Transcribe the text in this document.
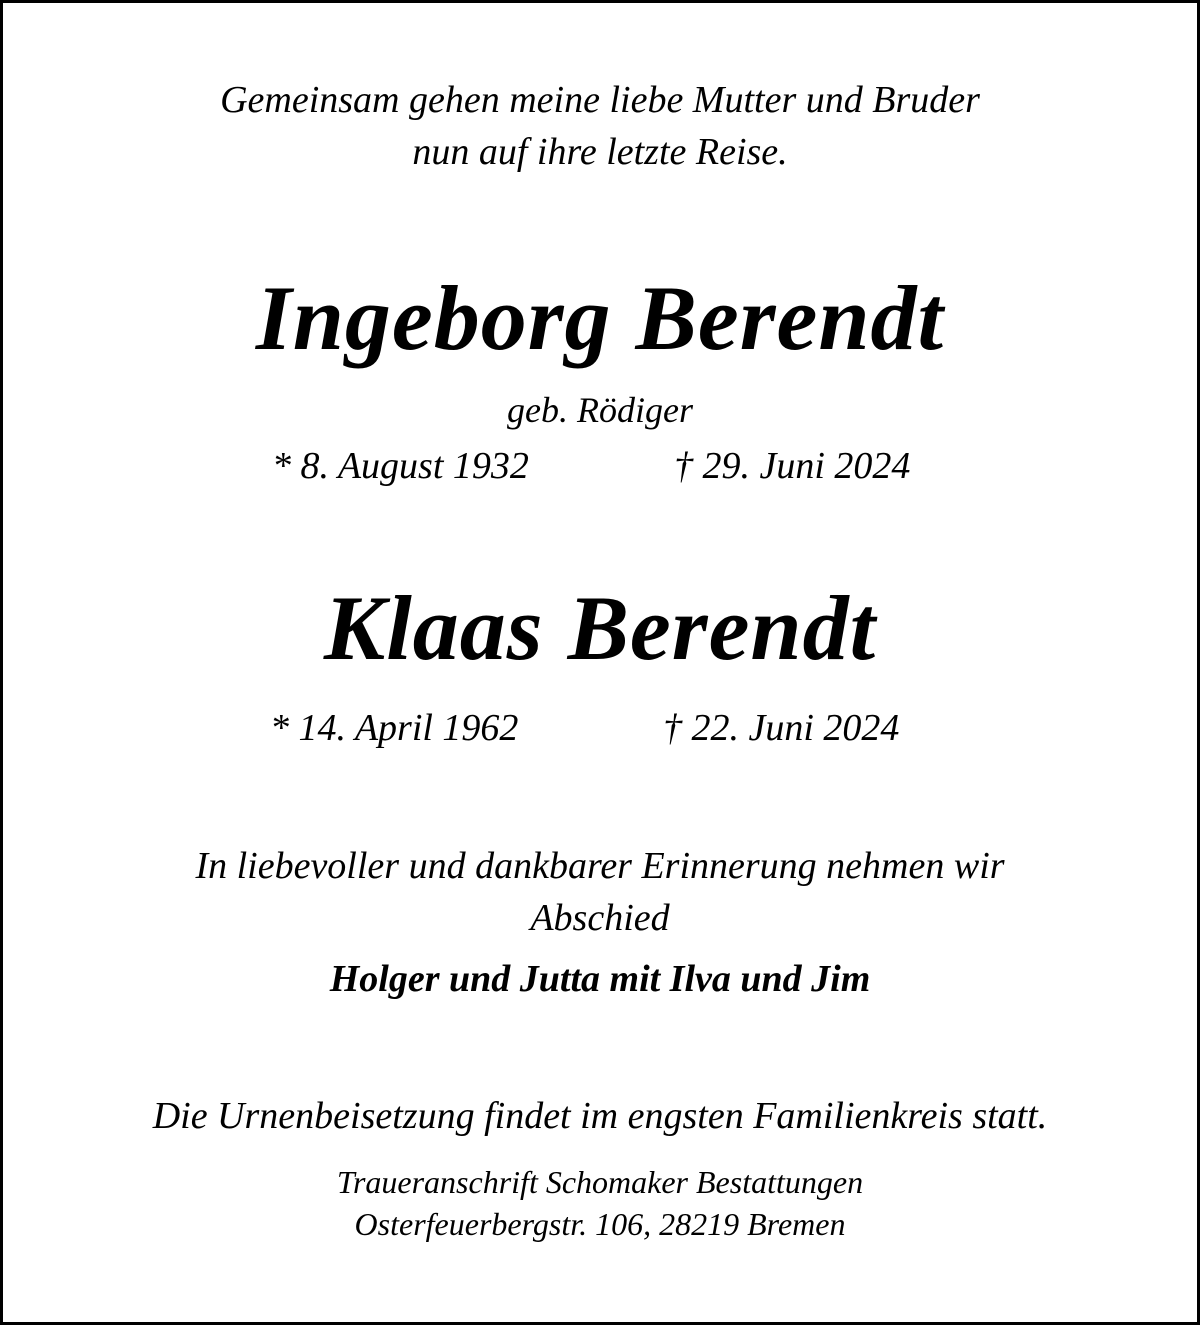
Gemeinsam gehen meine liebe Mutter und Bruder
nun auf ihre letzte Reise.
Ingeborg Berendt
geb. Rödiger
* 8. August 1932	† 29. Juni 2024
Klaas Berendt
* 14. April 1962	† 22. Juni 2024
In liebevoller und dankbarer Erinnerung nehmen wir
Abschied
Holger und Jutta mit Ilva und Jim
Die Urnenbeisetzung findet im engsten Familienkreis statt.
Traueranschrift Schomaker Bestattungen
Osterfeuerbergstr. 106, 28219 Bremen
